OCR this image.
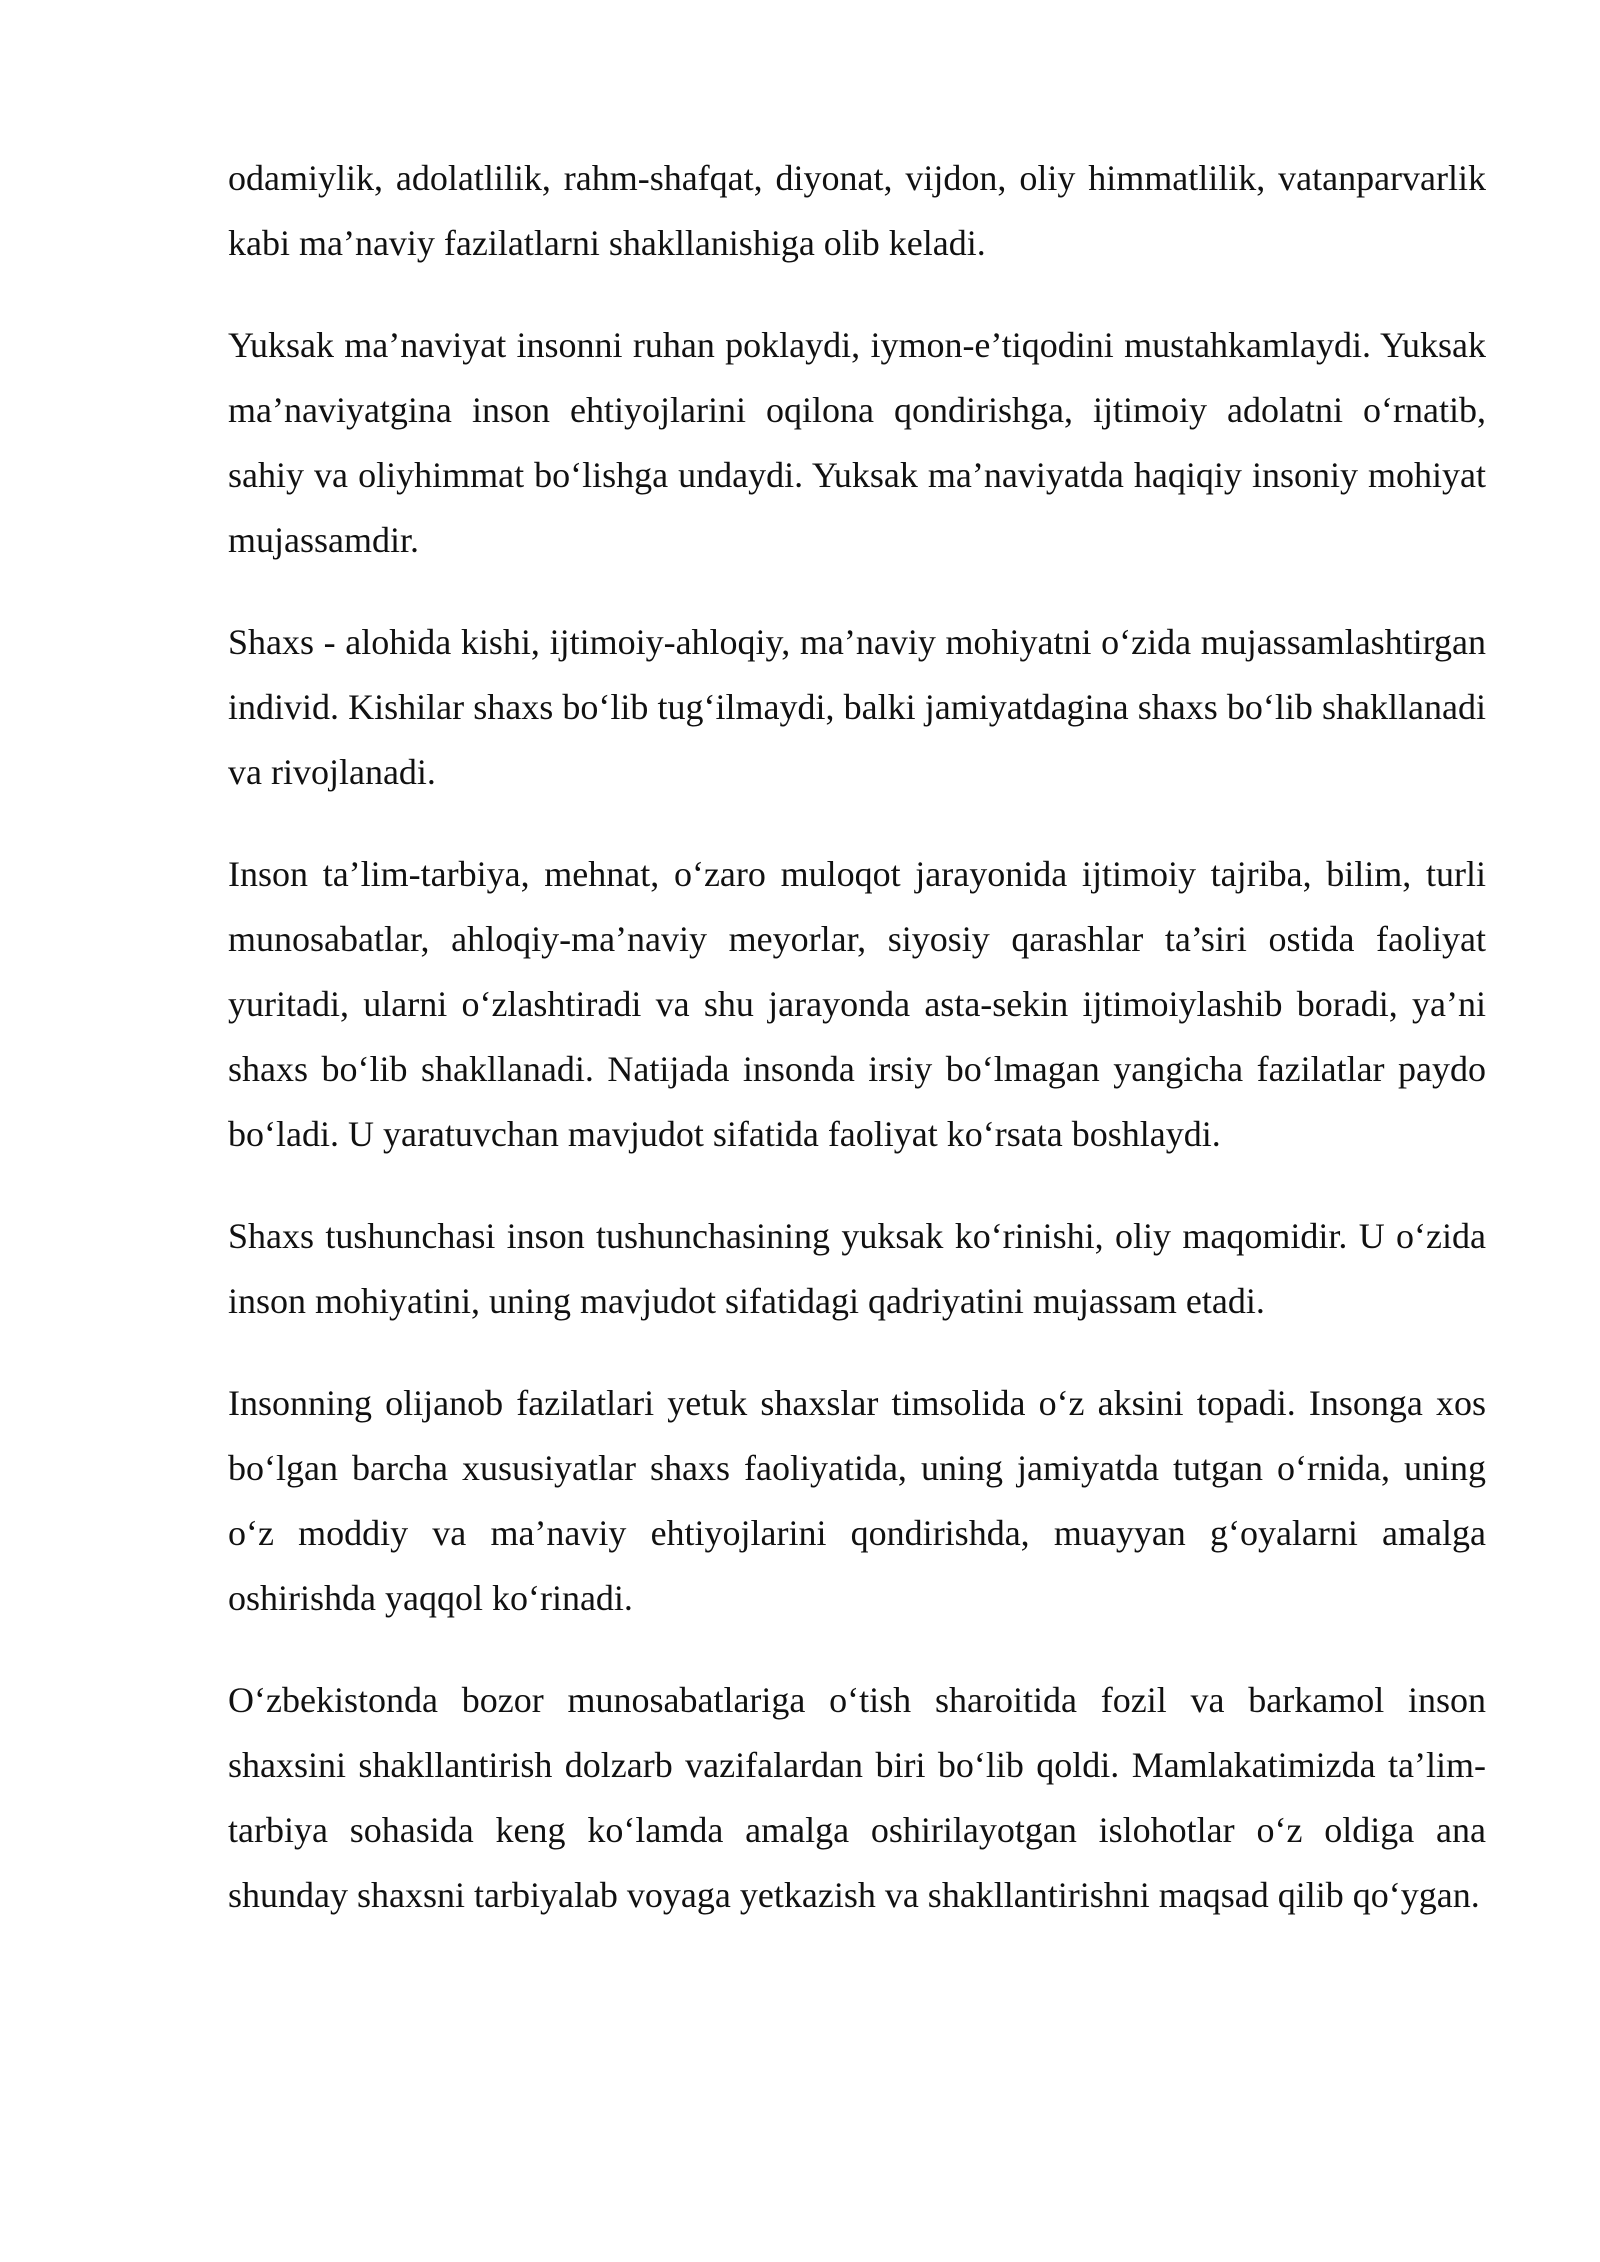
odamiylik, adolatlilik, rahm-shafqat, diyonat, vijdon, oliy himmatlilik, vatanparvarlik kabi ma’naviy fazilatlarni shakllanishiga olib keladi.

Yuksak ma’naviyat insonni ruhan poklaydi, iymon-e’tiqodini mustahkamlaydi. Yuksak ma’naviyatgina inson ehtiyojlarini oqilona qondirishga, ijtimoiy adolatni o‘rnatib, sahiy va oliyhimmat bo‘lishga undaydi. Yuksak ma’naviyatda haqiqiy insoniy mohiyat mujassamdir.

Shaxs - alohida kishi, ijtimoiy-ahloqiy, ma’naviy mohiyatni o‘zida mujassamlashtirgan individ. Kishilar shaxs bo‘lib tug‘ilmaydi, balki jamiyatdagina shaxs bo‘lib shakllanadi va rivojlanadi.

Inson ta’lim-tarbiya, mehnat, o‘zaro muloqot jarayonida ijtimoiy tajriba, bilim, turli munosabatlar, ahloqiy-ma’naviy meyorlar, siyosiy qarashlar ta’siri ostida faoliyat yuritadi, ularni o‘zlashtiradi va shu jarayonda asta-sekin ijtimoiylashib boradi, ya’ni shaxs bo‘lib shakllanadi. Natijada insonda irsiy bo‘lmagan yangicha fazilatlar paydo bo‘ladi. U yaratuvchan mavjudot sifatida faoliyat ko‘rsata boshlaydi.

Shaxs tushunchasi inson tushunchasining yuksak ko‘rinishi, oliy maqomidir. U o‘zida inson mohiyatini, uning mavjudot sifatidagi qadriyatini mujassam etadi.

Insonning olijanob fazilatlari yetuk shaxslar timsolida o‘z aksini topadi. Insonga xos bo‘lgan barcha xususiyatlar shaxs faoliyatida, uning jamiyatda tutgan o‘rnida, uning o‘z moddiy va ma’naviy ehtiyojlarini qondirishda, muayyan g‘oyalarni amalga oshirishda yaqqol ko‘rinadi.

O‘zbekistonda bozor munosabatlariga o‘tish sharoitida fozil va barkamol inson shaxsini shakllantirish dolzarb vazifalardan biri bo‘lib qoldi. Mamlakatimizda ta’lim-tarbiya sohasida keng ko‘lamda amalga oshirilayotgan islohotlar o‘z oldiga ana shunday shaxsni tarbiyalab voyaga yetkazish va shakllantirishni maqsad qilib qo‘ygan.
